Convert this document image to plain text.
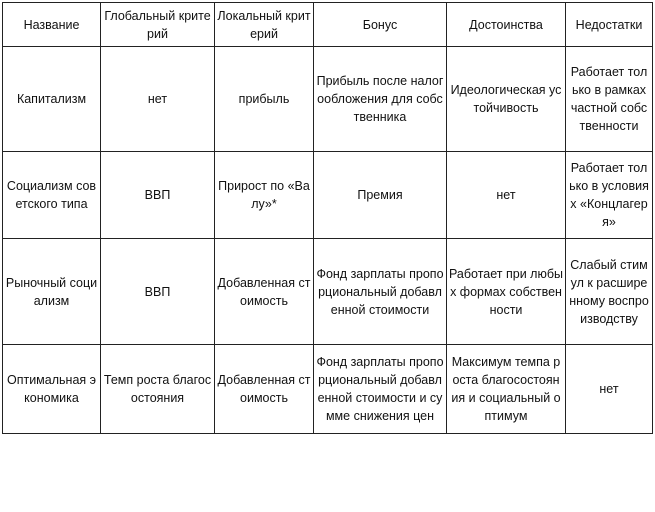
Название	Глобальный критерий	Локальный критерий	Бонус	Достоинства	Недостатки
Капитализм	нет	прибыль	Прибыль после налогообложения для собственника	Идеологическая устойчивость	Работает только в рамках частной собственности
Социализм советского типа	ВВП	Прирост по «Валу»*	Премия	нет	Работает только в условиях «Концлагеря»
Рыночный социализм	ВВП	Добавленная стоимость	Фонд зарплаты пропорциональный добавленной стоимости	Работает при любых формах собственности	Слабый стимул к расширенному воспроизводству
Оптимальная экономика	Темп роста благосостояния	Добавленная стоимость	Фонд зарплаты пропорциональный добавленной стоимости и сумме снижения цен	Максимум темпа роста благосостояния и социальный оптимум	нет
